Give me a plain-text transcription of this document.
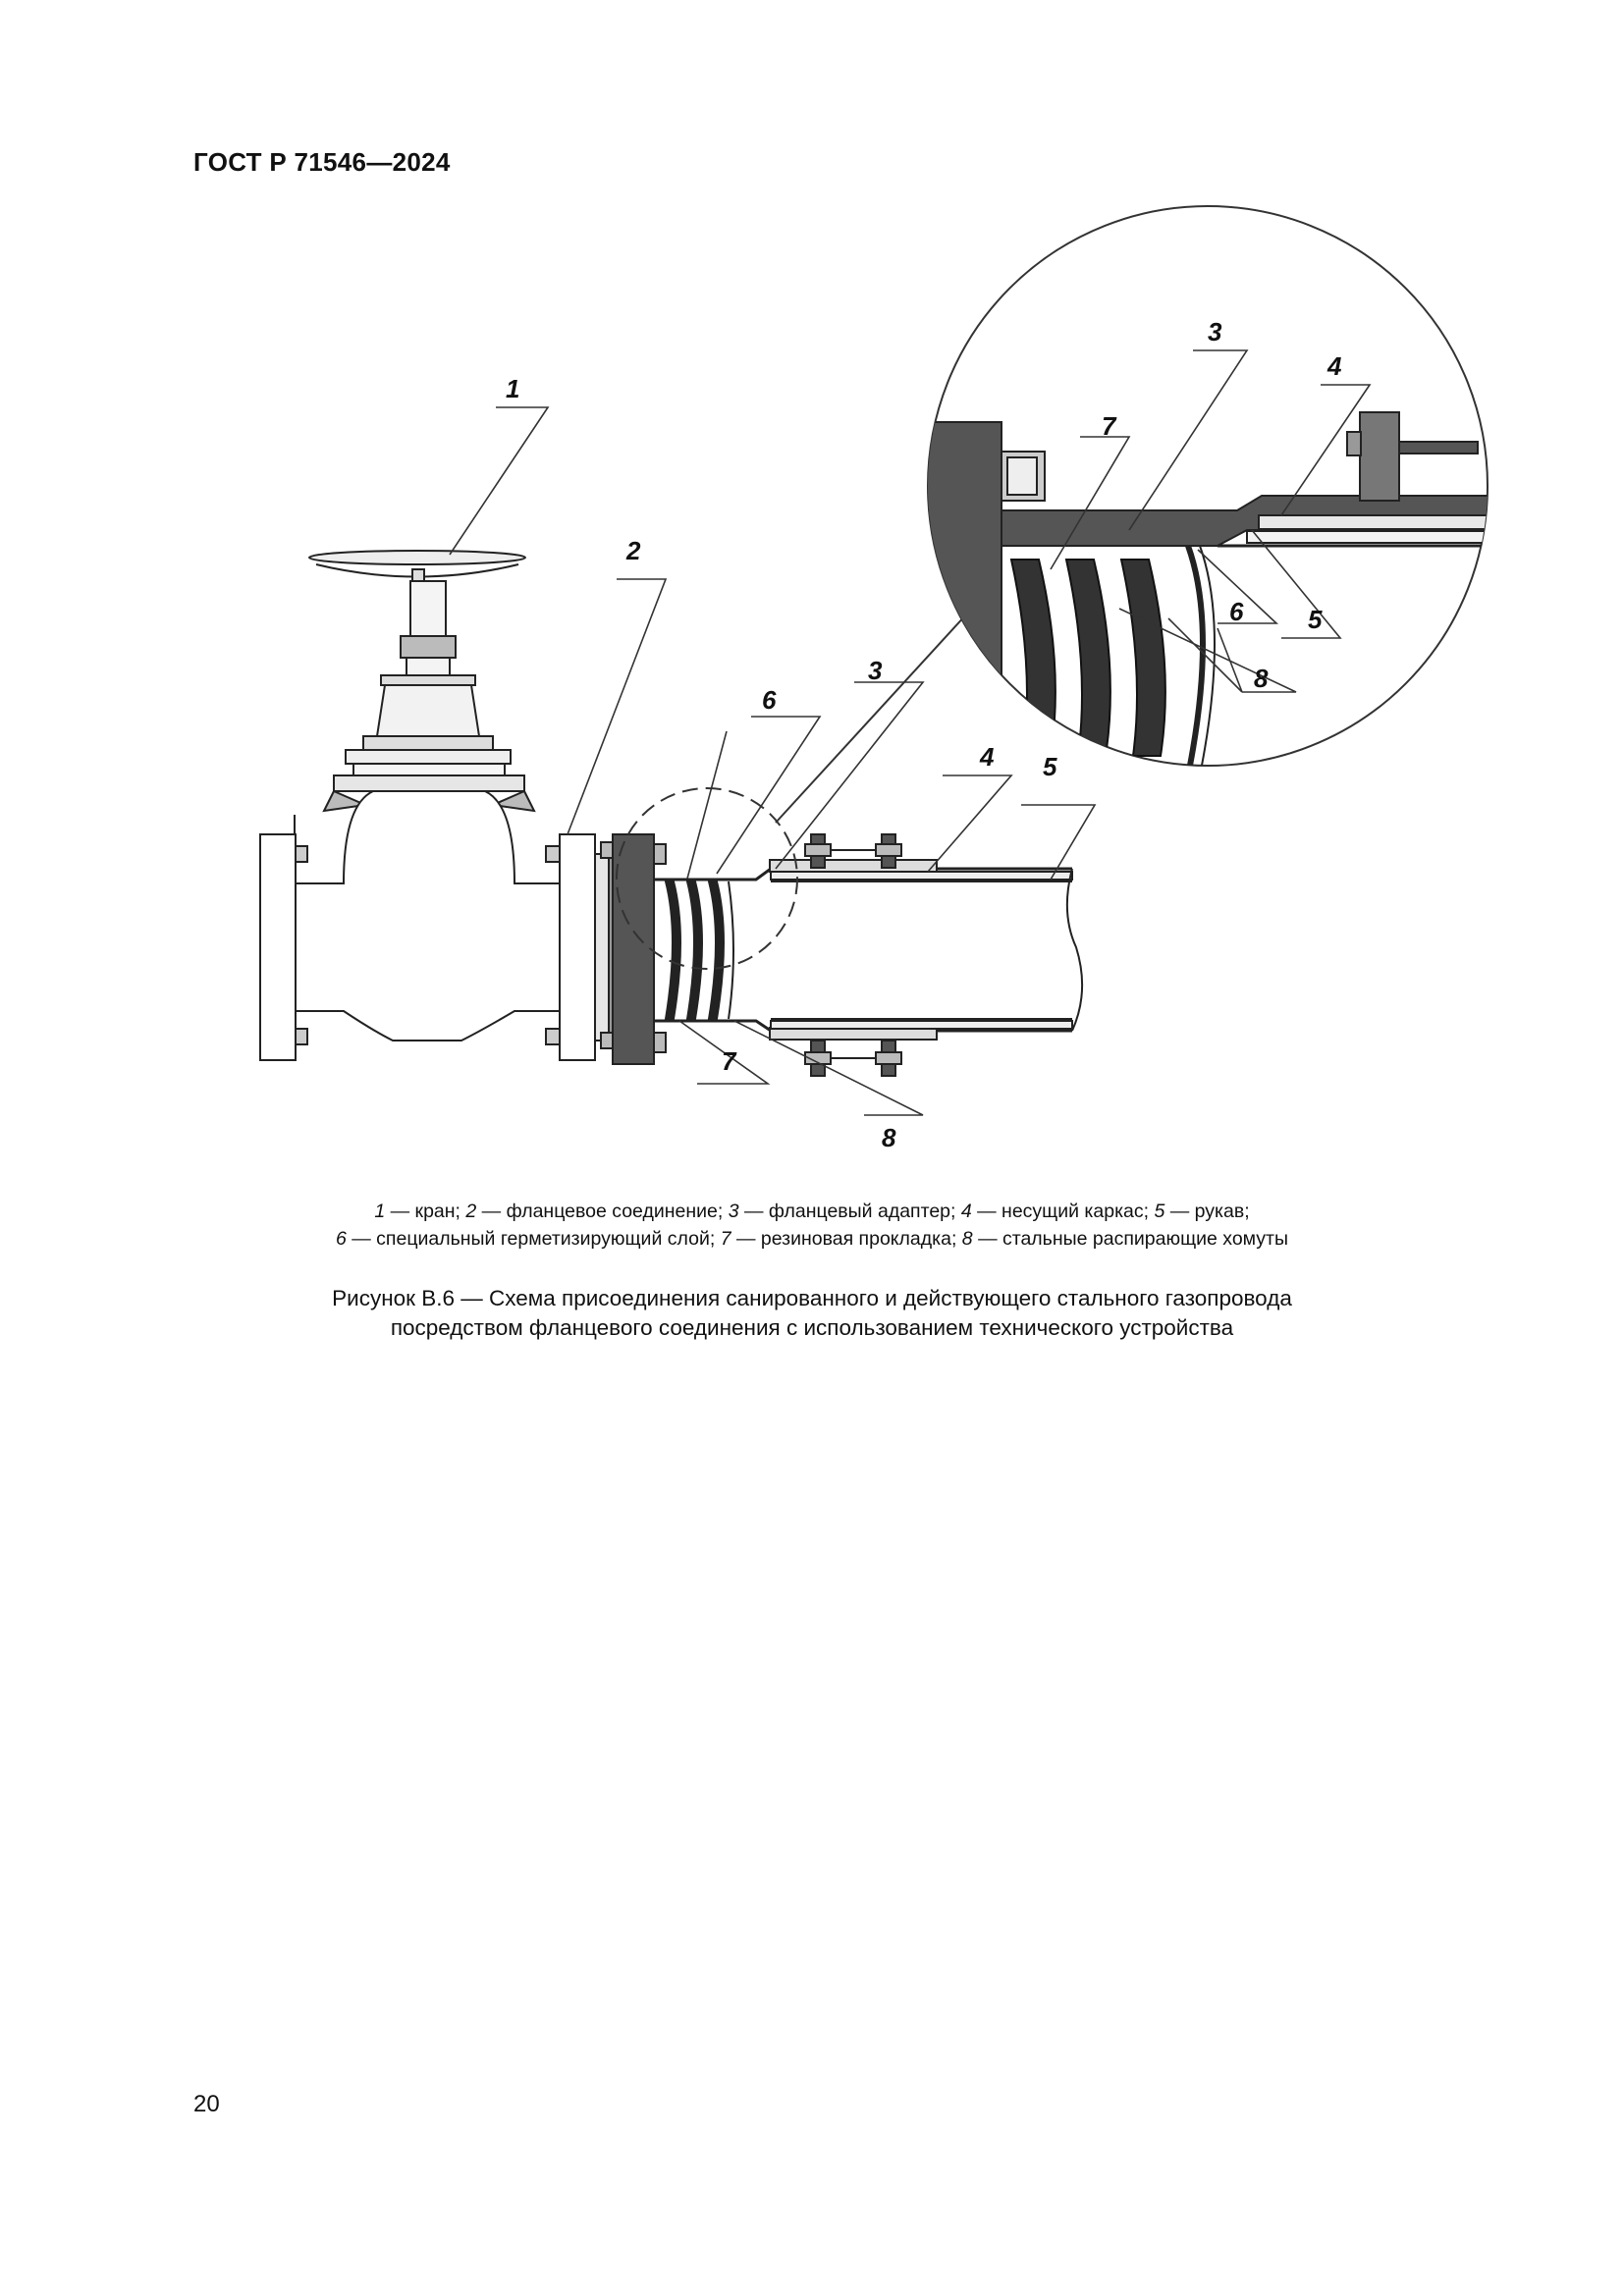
ГОСТ Р 71546—2024
1
2
3
4 5
6
7
8
3
4
7
6	5
8
1 — кран; 2 — фланцевое соединение; 3 — фланцевый адаптер; 4 — несущий каркас; 5 — рукав;
6 — специальный герметизирующий слой; 7 — резиновая прокладка; 8 — стальные распирающие хомуты
Рисунок В.6 — Схема присоединения санированного и действующего стального газопровода
посредством фланцевого соединения с использованием технического устройства
20
